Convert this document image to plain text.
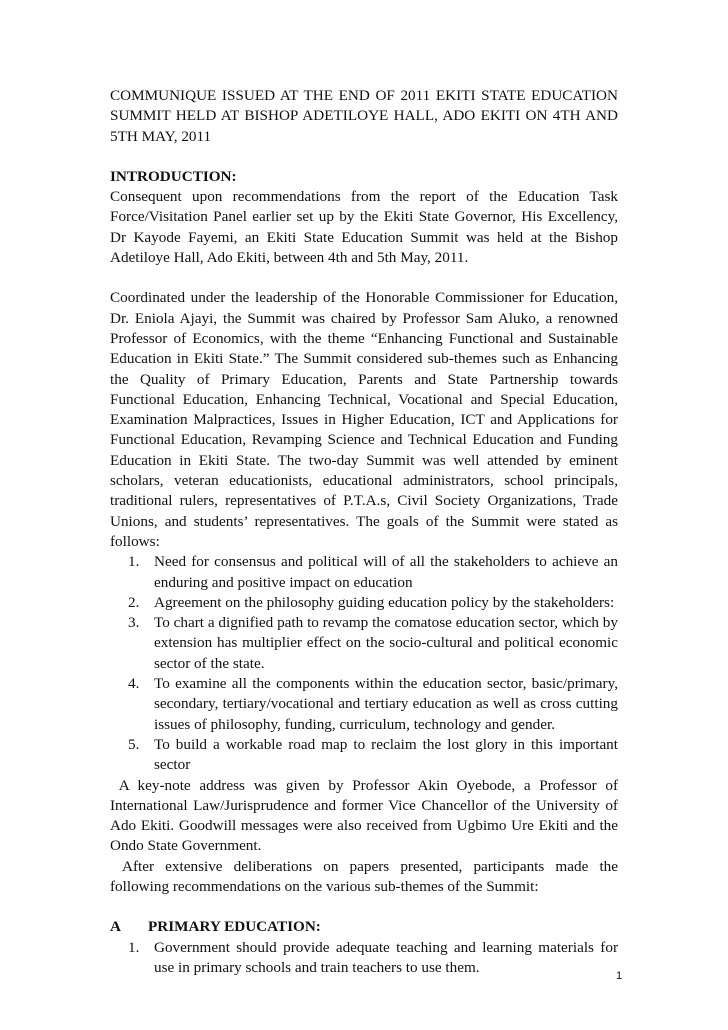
COMMUNIQUE ISSUED AT THE END OF 2011 EKITI STATE EDUCATION SUMMIT HELD AT BISHOP ADETILOYE HALL, ADO EKITI ON 4TH AND 5TH MAY, 2011

INTRODUCTION:

Consequent upon recommendations from the report of the Education Task Force/Visitation Panel earlier set up by the Ekiti State Governor, His Excellency, Dr Kayode Fayemi, an Ekiti State Education Summit was held at the Bishop Adetiloye Hall, Ado Ekiti, between 4th and 5th May, 2011.

Coordinated under the leadership of the Honorable Commissioner for Education, Dr. Eniola Ajayi, the Summit was chaired by Professor Sam Aluko, a renowned Professor of Economics, with the theme “Enhancing Functional and Sustainable Education in Ekiti State.” The Summit considered sub-themes such as Enhancing the Quality of Primary Education, Parents and State Partnership towards Functional Education, Enhancing Technical, Vocational and Special Education, Examination Malpractices, Issues in Higher Education, ICT and Applications for Functional Education, Revamping Science and Technical Education and Funding Education in Ekiti State. The two-day Summit was well attended by eminent scholars, veteran educationists, educational administrators, school principals, traditional rulers, representatives of P.T.A.s, Civil Society Organizations, Trade Unions, and students’ representatives. The goals of the Summit were stated as follows:

1. Need for consensus and political will of all the stakeholders to achieve an enduring and positive impact on education
2. Agreement on the philosophy guiding education policy by the stakeholders:
3. To chart a dignified path to revamp the comatose education sector, which by extension has multiplier effect on the socio-cultural and political economic sector of the state.
4. To examine all the components within the education sector, basic/primary, secondary, tertiary/vocational and tertiary education as well as cross cutting issues of philosophy, funding, curriculum, technology and gender.
5. To build a workable road map to reclaim the lost glory in this important sector

A key-note address was given by Professor Akin Oyebode, a Professor of International Law/Jurisprudence and former Vice Chancellor of the University of Ado Ekiti. Goodwill messages were also received from Ugbimo Ure Ekiti and the Ondo State Government.

After extensive deliberations on papers presented, participants made the following recommendations on the various sub-themes of the Summit:

A	PRIMARY EDUCATION:

1. Government should provide adequate teaching and learning materials for use in primary schools and train teachers to use them.
1
